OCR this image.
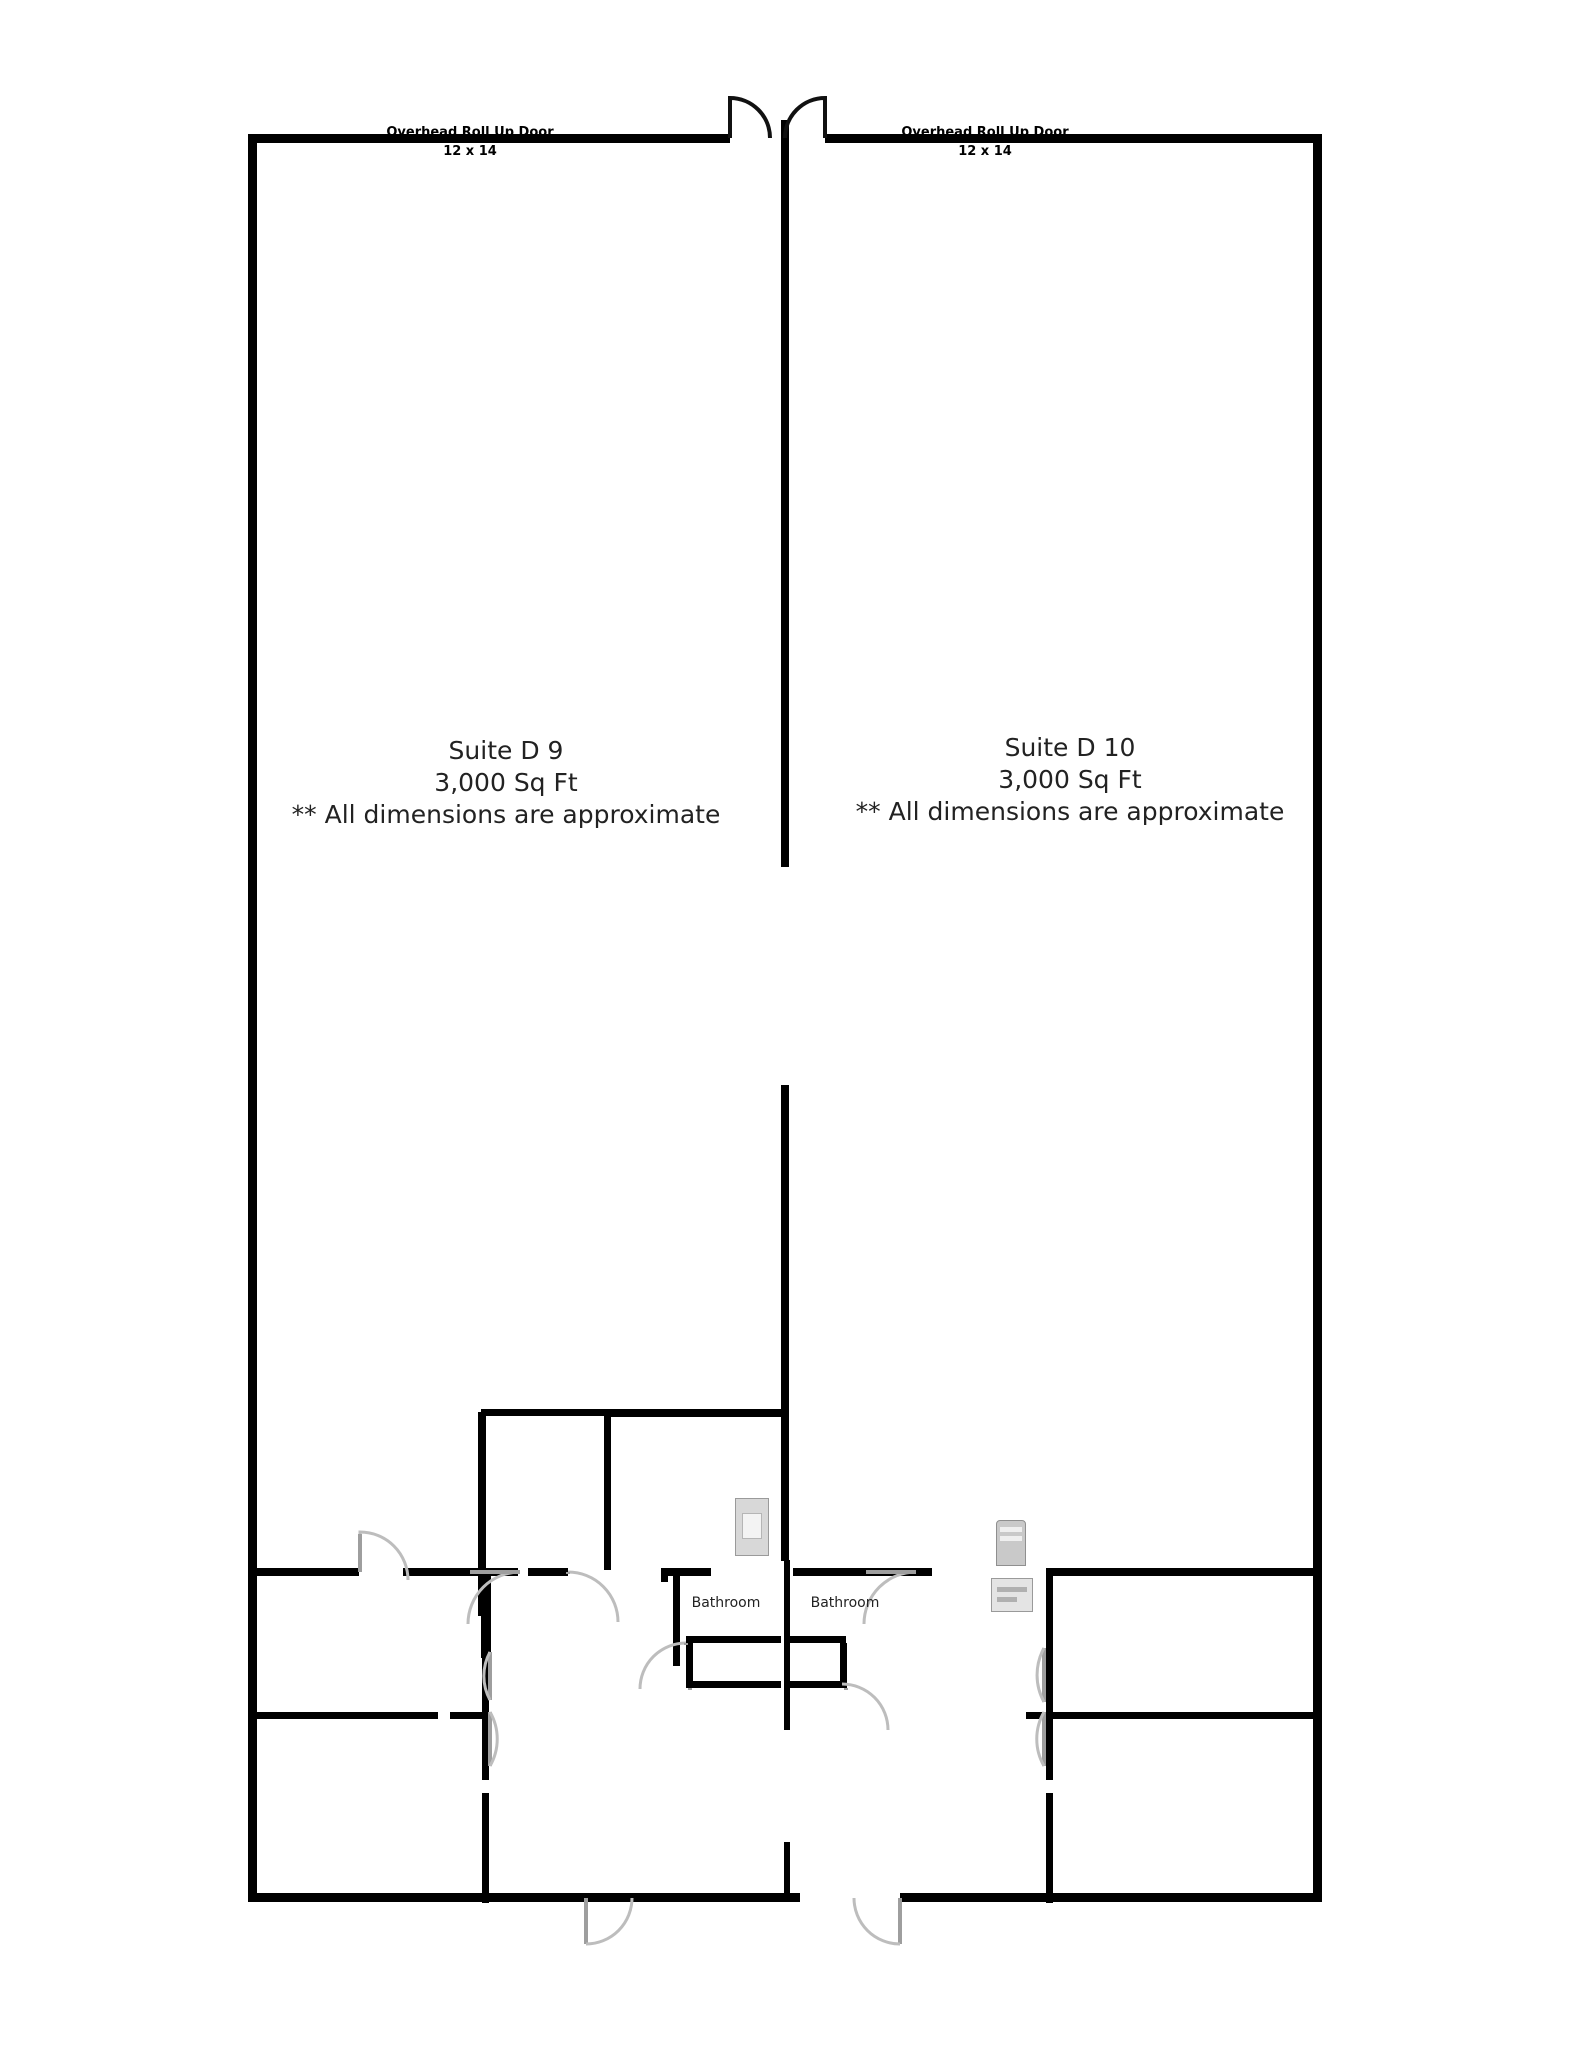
Overhead Roll Up Door
12 x 14
Overhead Roll Up Door
12 x 14
Suite D 9
3,000 Sq Ft
** All dimensions are approximate
Suite D 10
3,000 Sq Ft
** All dimensions are approximate
Bathroom	Bathroom
